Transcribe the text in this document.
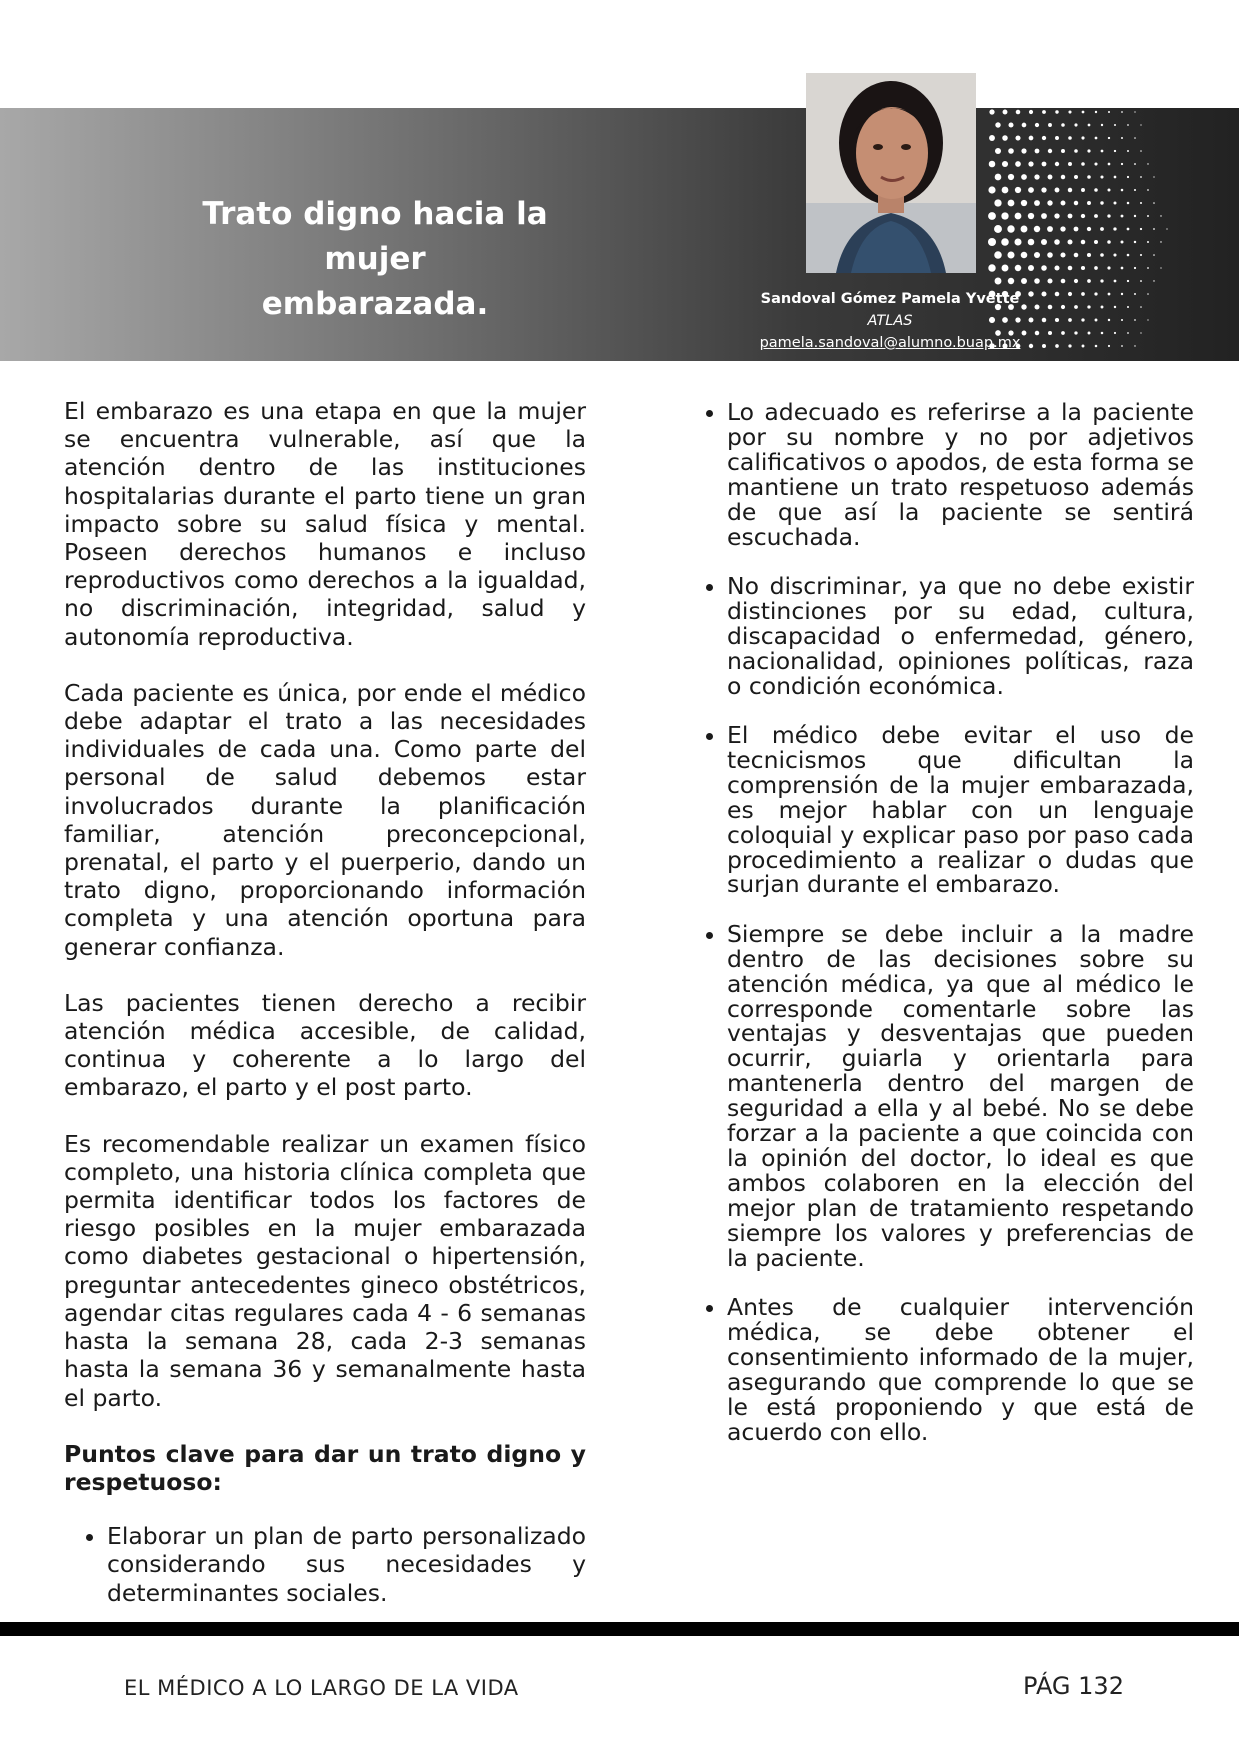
Trato digno hacia la mujer
embarazada.	Sandoval Gómez Pamela Yvette
ATLAS
pamela.sandoval@alumno.buap.mx

El embarazo es una etapa en que la mujer se encuentra vulnerable, así que la atención dentro de las instituciones hospitalarias durante el parto tiene un gran impacto sobre su salud física y mental. Poseen derechos humanos e incluso reproductivos como derechos a la igualdad, no discriminación, integridad, salud y autonomía reproductiva.

Cada paciente es única, por ende el médico debe adaptar el trato a las necesidades individuales de cada una. Como parte del personal de salud debemos estar involucrados durante la planificación familiar, atención preconcepcional, prenatal, el parto y el puerperio, dando un trato digno, proporcionando información completa y una atención oportuna para generar confianza.

Las pacientes tienen derecho a recibir atención médica accesible, de calidad, continua y coherente a lo largo del embarazo, el parto y el post parto.

Es recomendable realizar un examen físico completo, una historia clínica completa que permita identificar todos los factores de riesgo posibles en la mujer embarazada como diabetes gestacional o hipertensión, preguntar antecedentes gineco obstétricos, agendar citas regulares cada 4 - 6 semanas hasta la semana 28, cada 2-3 semanas hasta la semana 36 y semanalmente hasta el parto.

Puntos clave para dar un trato digno y respetuoso:

• Elaborar un plan de parto personalizado considerando sus necesidades y determinantes sociales.
• Lo adecuado es referirse a la paciente por su nombre y no por adjetivos calificativos o apodos, de esta forma se mantiene un trato respetuoso además de que así la paciente se sentirá escuchada.
• No discriminar, ya que no debe existir distinciones por su edad, cultura, discapacidad o enfermedad, género, nacionalidad, opiniones políticas, raza o condición económica.
• El médico debe evitar el uso de tecnicismos que dificultan la comprensión de la mujer embarazada, es mejor hablar con un lenguaje coloquial y explicar paso por paso cada procedimiento a realizar o dudas que surjan durante el embarazo.
• Siempre se debe incluir a la madre dentro de las decisiones sobre su atención médica, ya que al médico le corresponde comentarle sobre las ventajas y desventajas que pueden ocurrir, guiarla y orientarla para mantenerla dentro del margen de seguridad a ella y al bebé. No se debe forzar a la paciente a que coincida con la opinión del doctor, lo ideal es que ambos colaboren en la elección del mejor plan de tratamiento respetando siempre los valores y preferencias de la paciente.
• Antes de cualquier intervención médica, se debe obtener el consentimiento informado de la mujer, asegurando que comprende lo que se le está proponiendo y que está de acuerdo con ello.
EL MÉDICO A LO LARGO DE LA VIDA	PÁG 132
